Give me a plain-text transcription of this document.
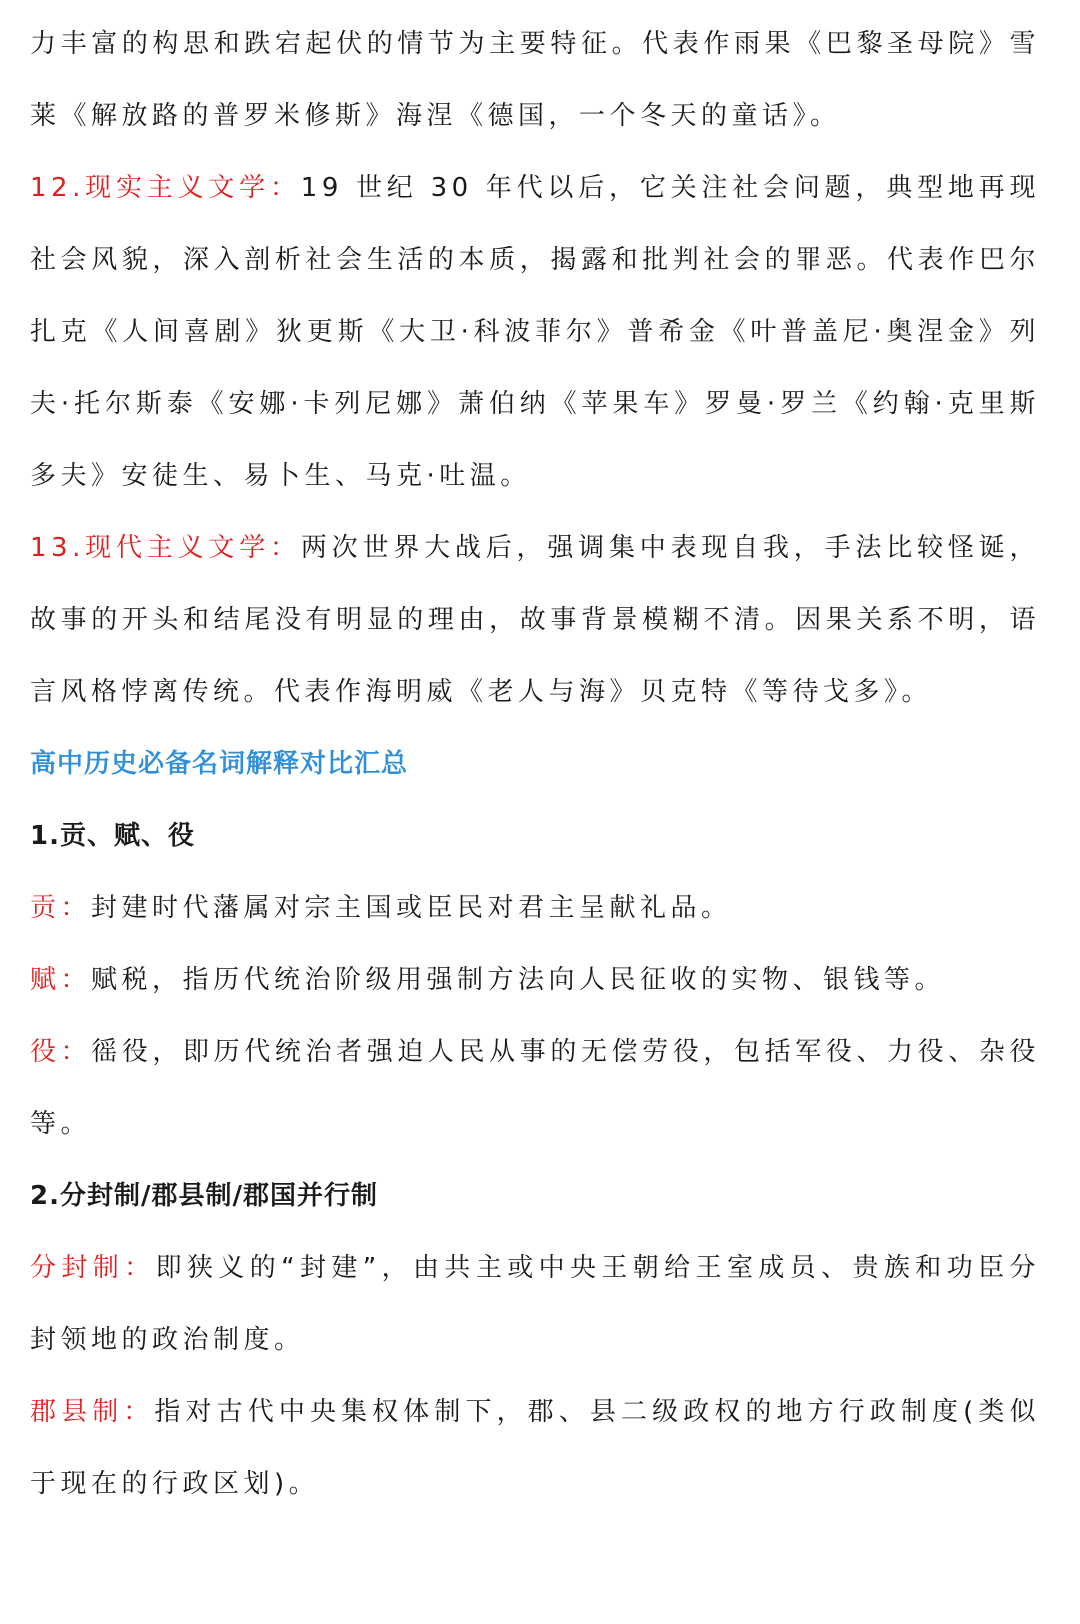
力丰富的构思和跌宕起伏的情节为主要特征。代表作雨果《巴黎圣母院》雪莱《解放路的普罗米修斯》海涅《德国，一个冬天的童话》。

12.现实主义文学：19 世纪 30 年代以后，它关注社会问题，典型地再现社会风貌，深入剖析社会生活的本质，揭露和批判社会的罪恶。代表作巴尔扎克《人间喜剧》狄更斯《大卫·科波菲尔》普希金《叶普盖尼·奥涅金》列夫·托尔斯泰《安娜·卡列尼娜》萧伯纳《苹果车》罗曼·罗兰《约翰·克里斯多夫》安徒生、易卜生、马克·吐温。

13.现代主义文学：两次世界大战后，强调集中表现自我，手法比较怪诞，故事的开头和结尾没有明显的理由，故事背景模糊不清。因果关系不明，语言风格悖离传统。代表作海明威《老人与海》贝克特《等待戈多》。

高中历史必备名词解释对比汇总
1.贡、赋、役

贡：封建时代藩属对宗主国或臣民对君主呈献礼品。

赋：赋税，指历代统治阶级用强制方法向人民征收的实物、银钱等。

役：徭役，即历代统治者强迫人民从事的无偿劳役，包括军役、力役、杂役等。

2.分封制/郡县制/郡国并行制

分封制：即狭义的“封建”，由共主或中央王朝给王室成员、贵族和功臣分封领地的政治制度。

郡县制：指对古代中央集权体制下，郡、县二级政权的地方行政制度(类似于现在的行政区划)。
